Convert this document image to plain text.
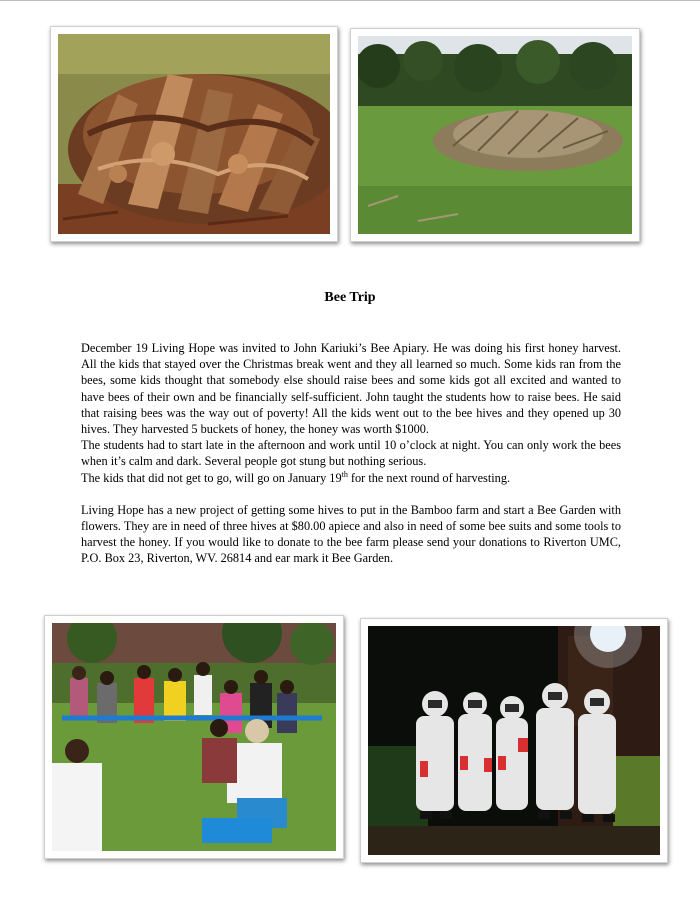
Bee Trip

December 19 Living Hope was invited to John Kariuki’s Bee Apiary. He was doing his first honey harvest. All the kids that stayed over the Christmas break went and they all learned so much. Some kids ran from the bees, some kids thought that somebody else should raise bees and some kids got all excited and wanted to have bees of their own and be financially self-sufficient. John taught the students how to raise bees. He said that raising bees was the way out of poverty! All the kids went out to the bee hives and they opened up 30 hives. They harvested 5 buckets of honey, the honey was worth $1000.

The students had to start late in the afternoon and work until 10 o’clock at night. You can only work the bees when it’s calm and dark. Several people got stung but nothing serious.

The kids that did not get to go, will go on January 19th for the next round of harvesting.

Living Hope has a new project of getting some hives to put in the Bamboo farm and start a Bee Garden with flowers. They are in need of three hives at $80.00 apiece and also in need of some bee suits and some tools to harvest the honey. If you would like to donate to the bee farm please send your donations to Riverton UMC, P.O. Box 23, Riverton, WV. 26814 and ear mark it Bee Garden.
